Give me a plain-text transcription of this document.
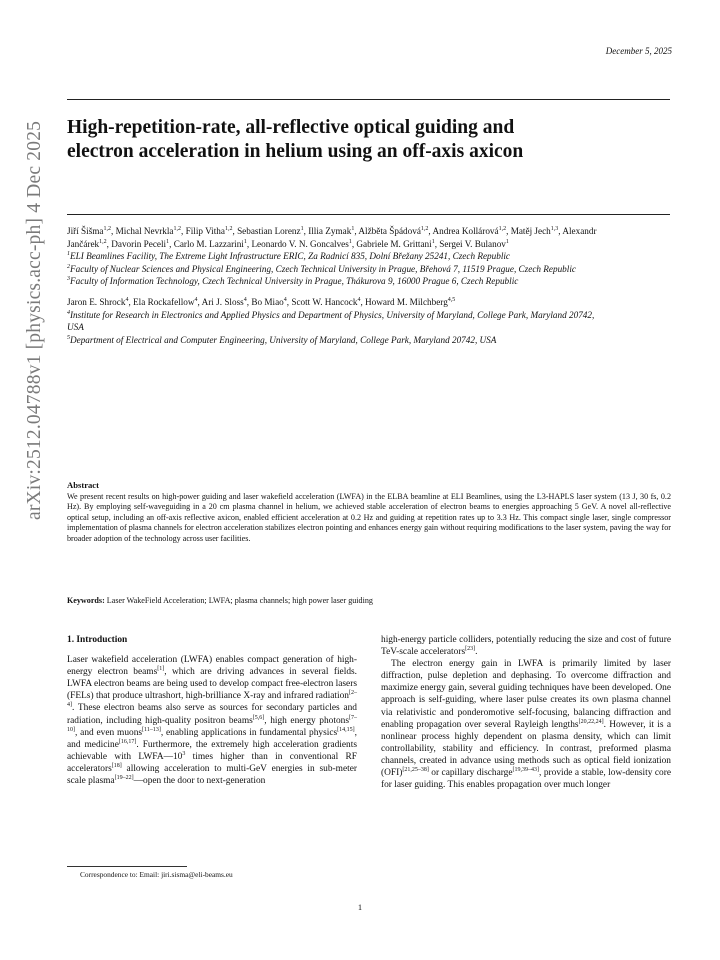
December 5, 2025
High-repetition-rate, all-reflective optical guiding and
electron acceleration in helium using an off-axis axicon
arXiv:2512.04788v1 [physics.acc-ph] 4 Dec 2025 Jiří Šišma$^{1,2}$, Michal Nevrkla$^{1,2}$, Filip Vitha$^{1,2}$, Sebastian Lorenz$^1$, Illia Zymak$^1$, Alžběta Špádová$^{1,2}$, Andrea Kollárová$^{1,2}$, Matěj Jech$^{1,3}$, Alexandr Jančárek$^{1,2}$, Davorin Peceli$^1$, Carlo M. Lazzarini$^1$, Leonardo V. N. Goncalves$^1$, Gabriele M. Grittani$^1$, Sergei V. Bulanov$^1$
$^1$ELI Beamlines Facility, The Extreme Light Infrastructure ERIC, Za Radnicí 835, Dolní Břežany 25241, Czech Republic
$^2$Faculty of Nuclear Sciences and Physical Engineering, Czech Technical University in Prague, Břehová 7, 11519 Prague, Czech Republic
$^3$Faculty of Information Technology, Czech Technical University in Prague, Thákurova 9, 16000 Prague 6, Czech Republic
Jaron E. Shrock$^4$, Ela Rockafellow$^4$, Ari J. Sloss$^4$, Bo Miao$^4$, Scott W. Hancock$^4$, Howard M. Milchberg$^{4,5}$
$^4$Institute for Research in Electronics and Applied Physics and Department of Physics, University of Maryland, College Park, Maryland 20742, USA
$^5$Department of Electrical and Computer Engineering, University of Maryland, College Park, Maryland 20742, USA
Abstract
We present recent results on high-power guiding and laser wakefield acceleration (LWFA) in the ELBA beamline at ELI Beamlines, using the L3-HAPLS laser system (13 J, 30 fs, 0.2 Hz). By employing self-waveguiding in a 20 cm plasma channel in helium, we achieved stable acceleration of electron beams to energies approaching 5 GeV. A novel all-reflective optical setup, including an off-axis reflective axicon, enabled efficient acceleration at 0.2 Hz and guiding at repetition rates up to 3.3 Hz. This compact single laser, single compressor implementation of plasma channels for electron acceleration stabilizes electron pointing and enhances energy gain without requiring modifications to the laser system, paving the way for broader adoption of the technology across user facilities.
Keywords: Laser WakeField Acceleration; LWFA; plasma channels; high power laser guiding
1. Introduction

Laser wakefield acceleration (LWFA) enables compact generation of high-energy electron beams[1], which are driving advances in several fields. LWFA electron beams are being used to develop compact free-electron lasers (FELs) that produce ultrashort, high-brilliance X-ray and infrared radiation[2–4]. These electron beams also serve as sources for secondary particles and radiation, including high-quality positron beams[5,6], high energy photons[7–10], and even muons[11–13], enabling applications in fundamental physics[14,15], and medicine[16,17]. Furthermore, the extremely high acceleration gradients achievable with $LWFA—10^3$ times higher than in conventional RF accelerators[18] allowing acceleration to multi-GeV energies in sub-meter scale plasma[19–22]—open the door to next-generation

high-energy particle colliders, potentially reducing the size and cost of future TeV-scale accelerators[23].

The electron energy gain in LWFA is primarily limited by laser diffraction, pulse depletion and dephasing. To overcome diffraction and maximize energy gain, several guiding techniques have been developed. One approach is self-guiding, where laser pulse creates its own plasma channel via relativistic and ponderomotive self-focusing, balancing diffraction and enabling propagation over several Rayleigh lengths[20,22,24]. However, it is a nonlinear process highly dependent on plasma density, which can limit controllability, stability and efficiency. In contrast, preformed plasma channels, created in advance using methods such as optical field ionization (OFI)[21,25–38] or capillary discharge[19,39–43], provide a stable, low-density core for laser guiding. This enables propagation over much longer

Correspondence to: Email: jiri.sisma@eli-beams.eu
1
